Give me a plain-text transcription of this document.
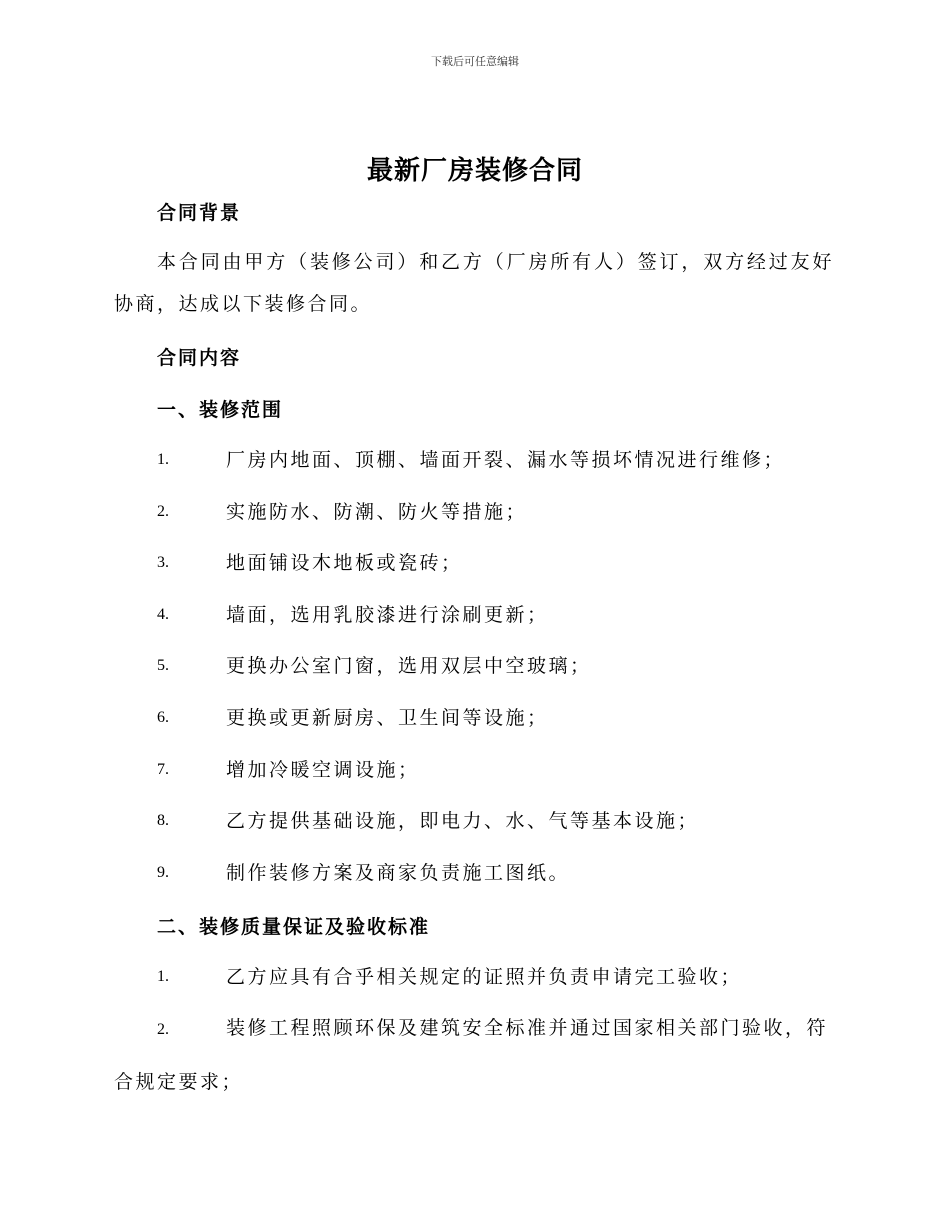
下载后可任意编辑
最新厂房装修合同
合同背景

本合同由甲方（装修公司）和乙方（厂房所有人）签订，双方经过友好协商，达成以下装修合同。

合同内容
一、装修范围
1.	厂房内地面、顶棚、墙面开裂、漏水等损坏情况进行维修；
2.	实施防水、防潮、防火等措施；
3.	地面铺设木地板或瓷砖；
4.	墙面，选用乳胶漆进行涂刷更新；
5.	更换办公室门窗，选用双层中空玻璃；
6.	更换或更新厨房、卫生间等设施；
7.	增加冷暖空调设施；
8.	乙方提供基础设施，即电力、水、气等基本设施；
9.	制作装修方案及商家负责施工图纸。
二、装修质量保证及验收标准
1.	乙方应具有合乎相关规定的证照并负责申请完工验收；

2.	装修工程照顾环保及建筑安全标准并通过国家相关部门验收，符合规定要求；
